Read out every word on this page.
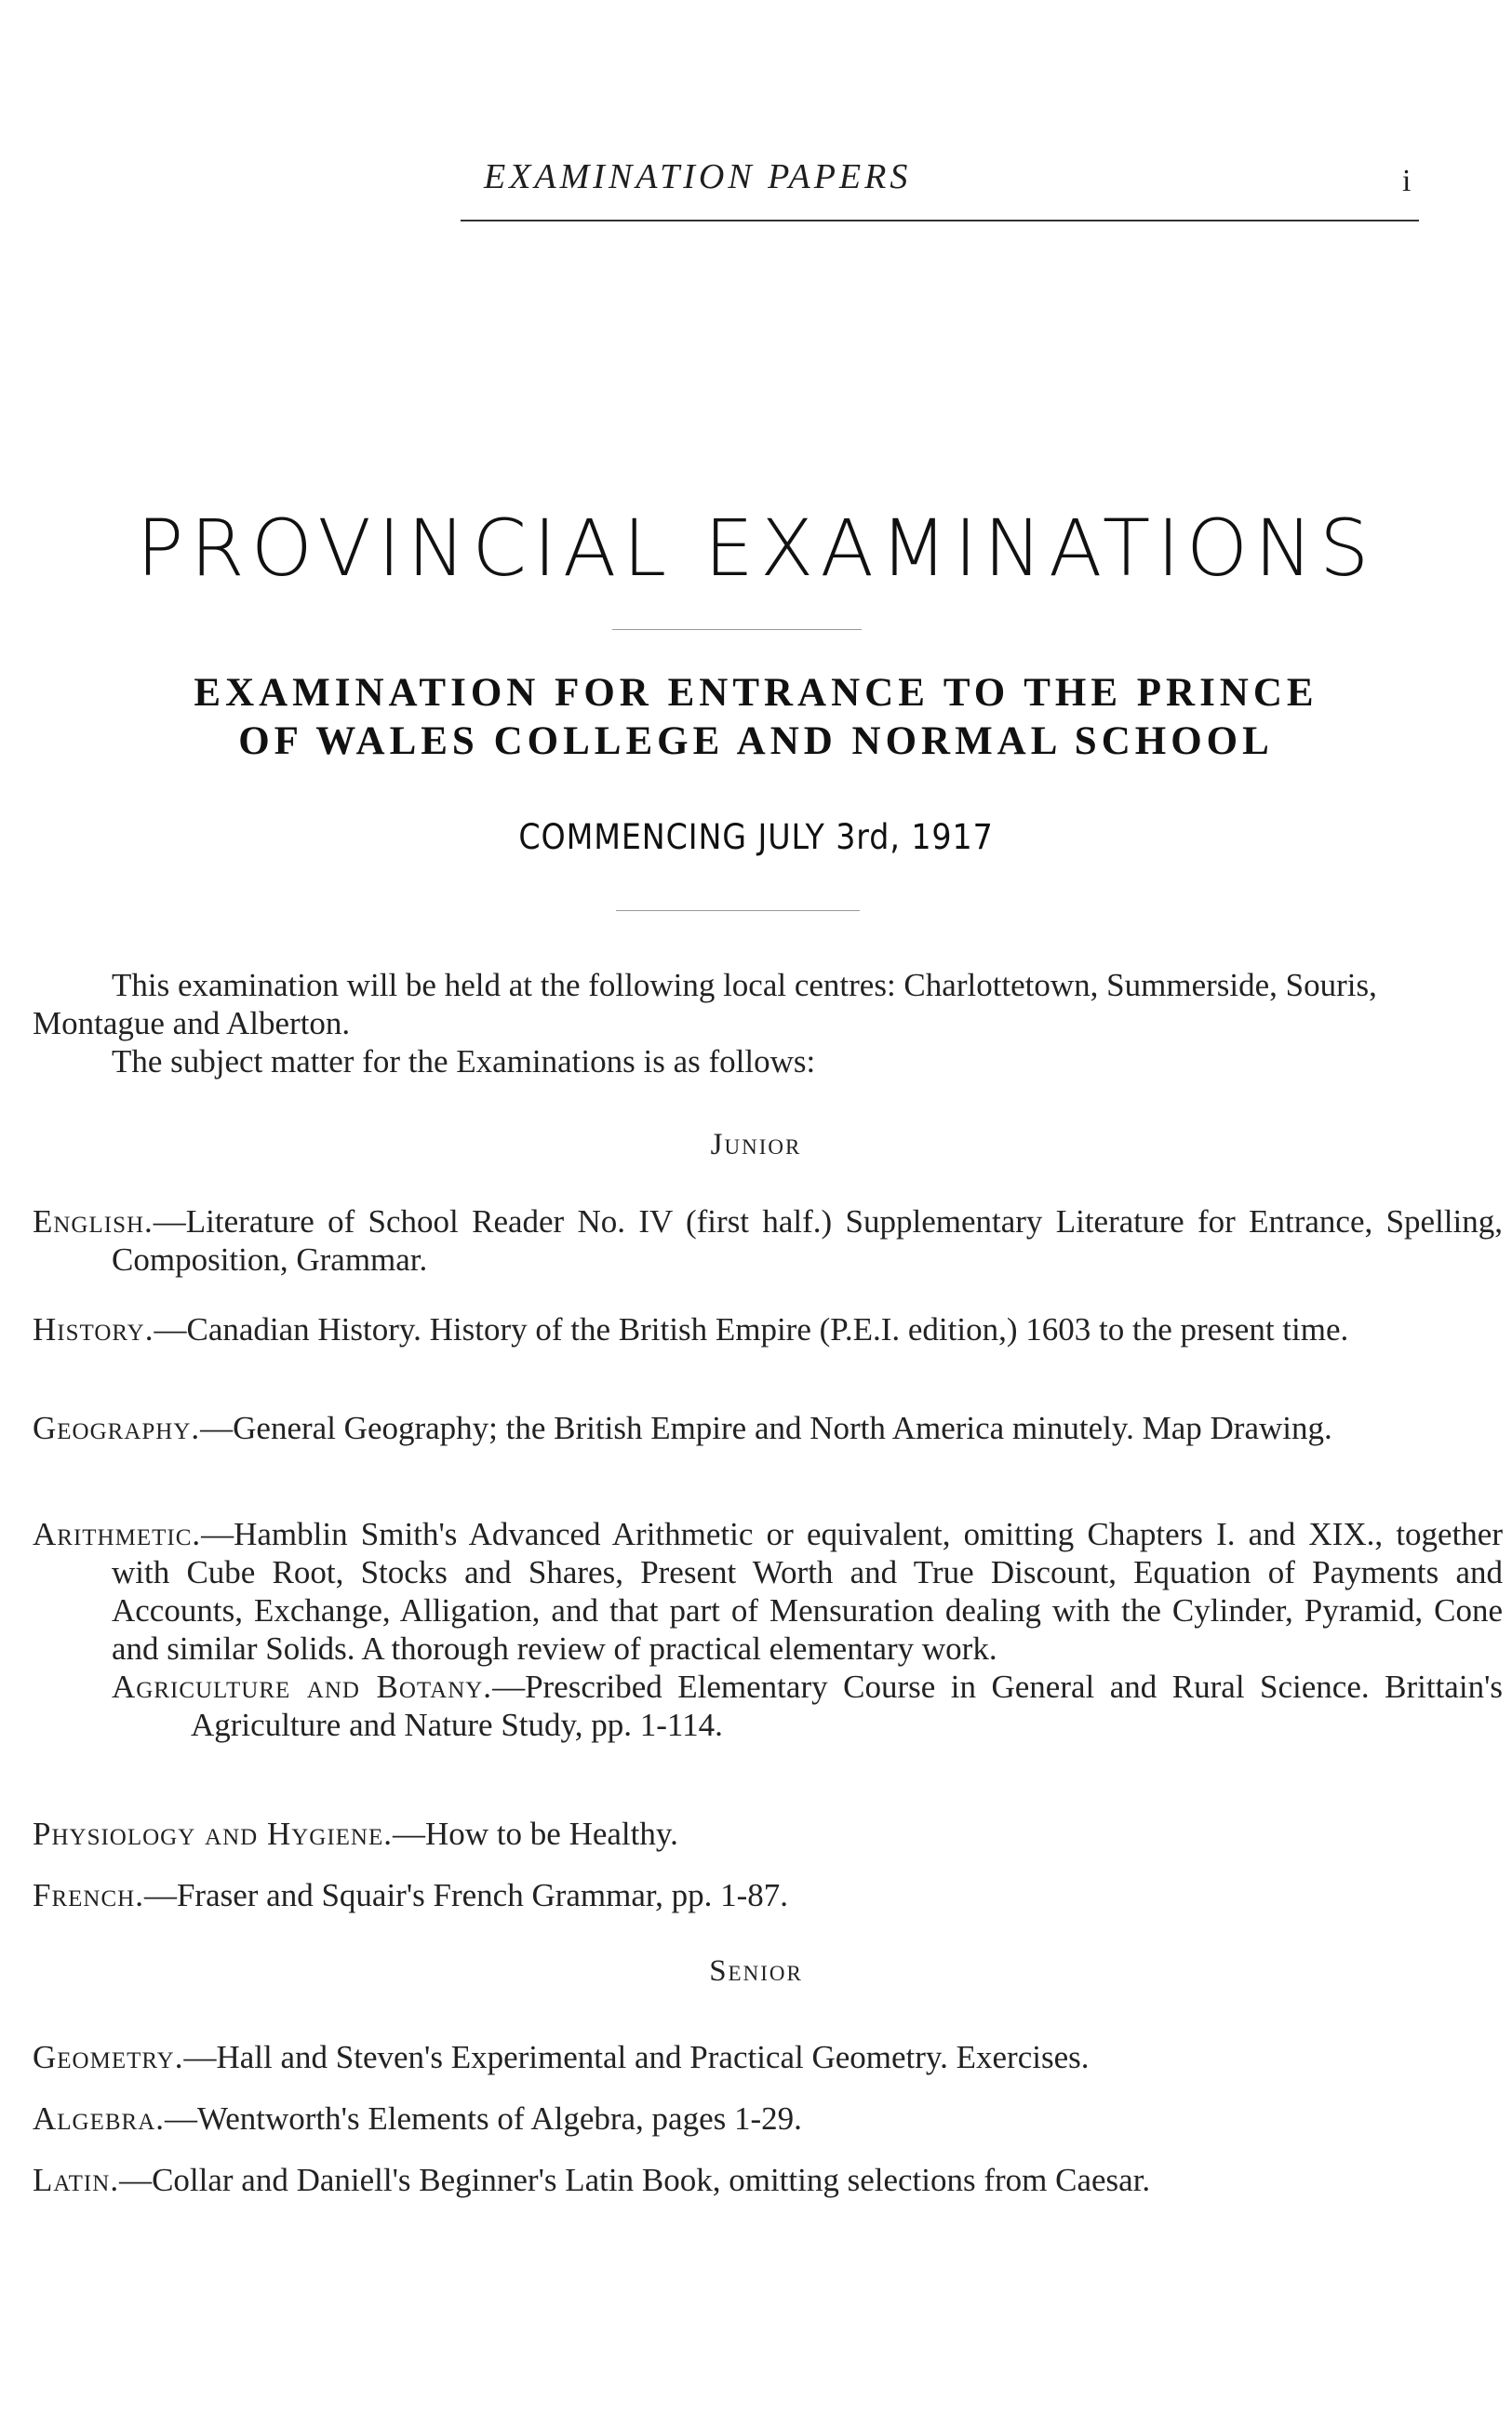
EXAMINATION PAPERS	i
PROVINCIAL EXAMINATIONS
EXAMINATION FOR ENTRANCE TO THE PRINCE
OF WALES COLLEGE AND NORMAL SCHOOL
COMMENCING JULY 3rd, 1917

This examination will be held at the following local centres: Charlottetown, Summerside, Souris, Montague and Alberton.

The subject matter for the Examinations is as follows:

Junior
English.—Literature of School Reader No. IV (first half.) Supplementary Literature for Entrance, Spelling, Composition, Grammar.
History.—Canadian History. History of the British Empire (P.E.I. edition,) 1603 to the present time.
Geography.—General Geography; the British Empire and North America minutely. Map Drawing.
Arithmetic.—Hamblin Smith's Advanced Arithmetic or equivalent, omitting Chapters I. and XIX., together with Cube Root, Stocks and Shares, Present Worth and True Discount, Equation of Payments and Accounts, Exchange, Alligation, and that part of Mensuration dealing with the Cylinder, Pyramid, Cone and similar Solids. A thorough review of practical elementary work.
Agriculture and Botany.—Prescribed Elementary Course in General and Rural Science. Brittain's Agriculture and Nature Study, pp. 1-114.
Physiology and Hygiene.—How to be Healthy.
French.—Fraser and Squair's French Grammar, pp. 1-87.
Senior
Geometry.—Hall and Steven's Experimental and Practical Geometry. Exercises.
Algebra.—Wentworth's Elements of Algebra, pages 1-29.
Latin.—Collar and Daniell's Beginner's Latin Book, omitting selections from Caesar.
